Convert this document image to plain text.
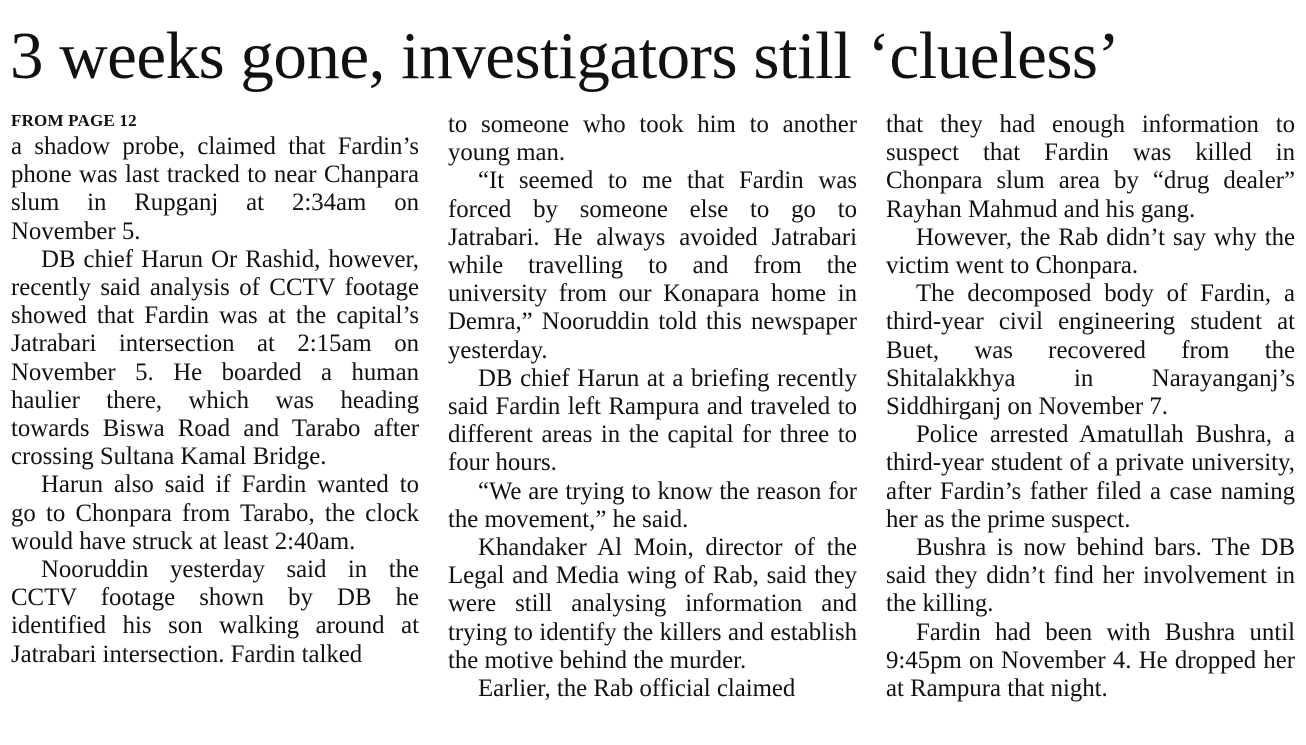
3 weeks gone, investigators still ‘clueless’
FROM PAGE 12

a shadow probe, claimed that Fardin’s phone was last tracked to near Chanpara slum in Rupganj at 2:34am on November 5.

DB chief Harun Or Rashid, however, recently said analysis of CCTV footage showed that Fardin was at the capital’s Jatrabari intersection at 2:15am on November 5. He boarded a human haulier there, which was heading towards Biswa Road and Tarabo after crossing Sultana Kamal Bridge.

Harun also said if Fardin wanted to go to Chonpara from Tarabo, the clock would have struck at least 2:40am.

Nooruddin yesterday said in the CCTV footage shown by DB he identified his son walking around at Jatrabari intersection. Fardin talked

to someone who took him to another young man.

“It seemed to me that Fardin was forced by someone else to go to Jatrabari. He always avoided Jatrabari while travelling to and from the university from our Konapara home in Demra,” Nooruddin told this newspaper yesterday.

DB chief Harun at a briefing recently said Fardin left Rampura and traveled to different areas in the capital for three to four hours.

“We are trying to know the reason for the movement,” he said.

Khandaker Al Moin, director of the Legal and Media wing of Rab, said they were still analysing information and trying to identify the killers and establish the motive behind the murder.

Earlier, the Rab official claimed

that they had enough information to suspect that Fardin was killed in Chonpara slum area by “drug dealer” Rayhan Mahmud and his gang.

However, the Rab didn’t say why the victim went to Chonpara.

The decomposed body of Fardin, a third-year civil engineering student at Buet, was recovered from the Shitalakkhya in Narayanganj’s Siddhirganj on November 7.

Police arrested Amatullah Bushra, a third-year student of a private university, after Fardin’s father filed a case naming her as the prime suspect.

Bushra is now behind bars. The DB said they didn’t find her involvement in the killing.

Fardin had been with Bushra until 9:45pm on November 4. He dropped her at Rampura that night.
